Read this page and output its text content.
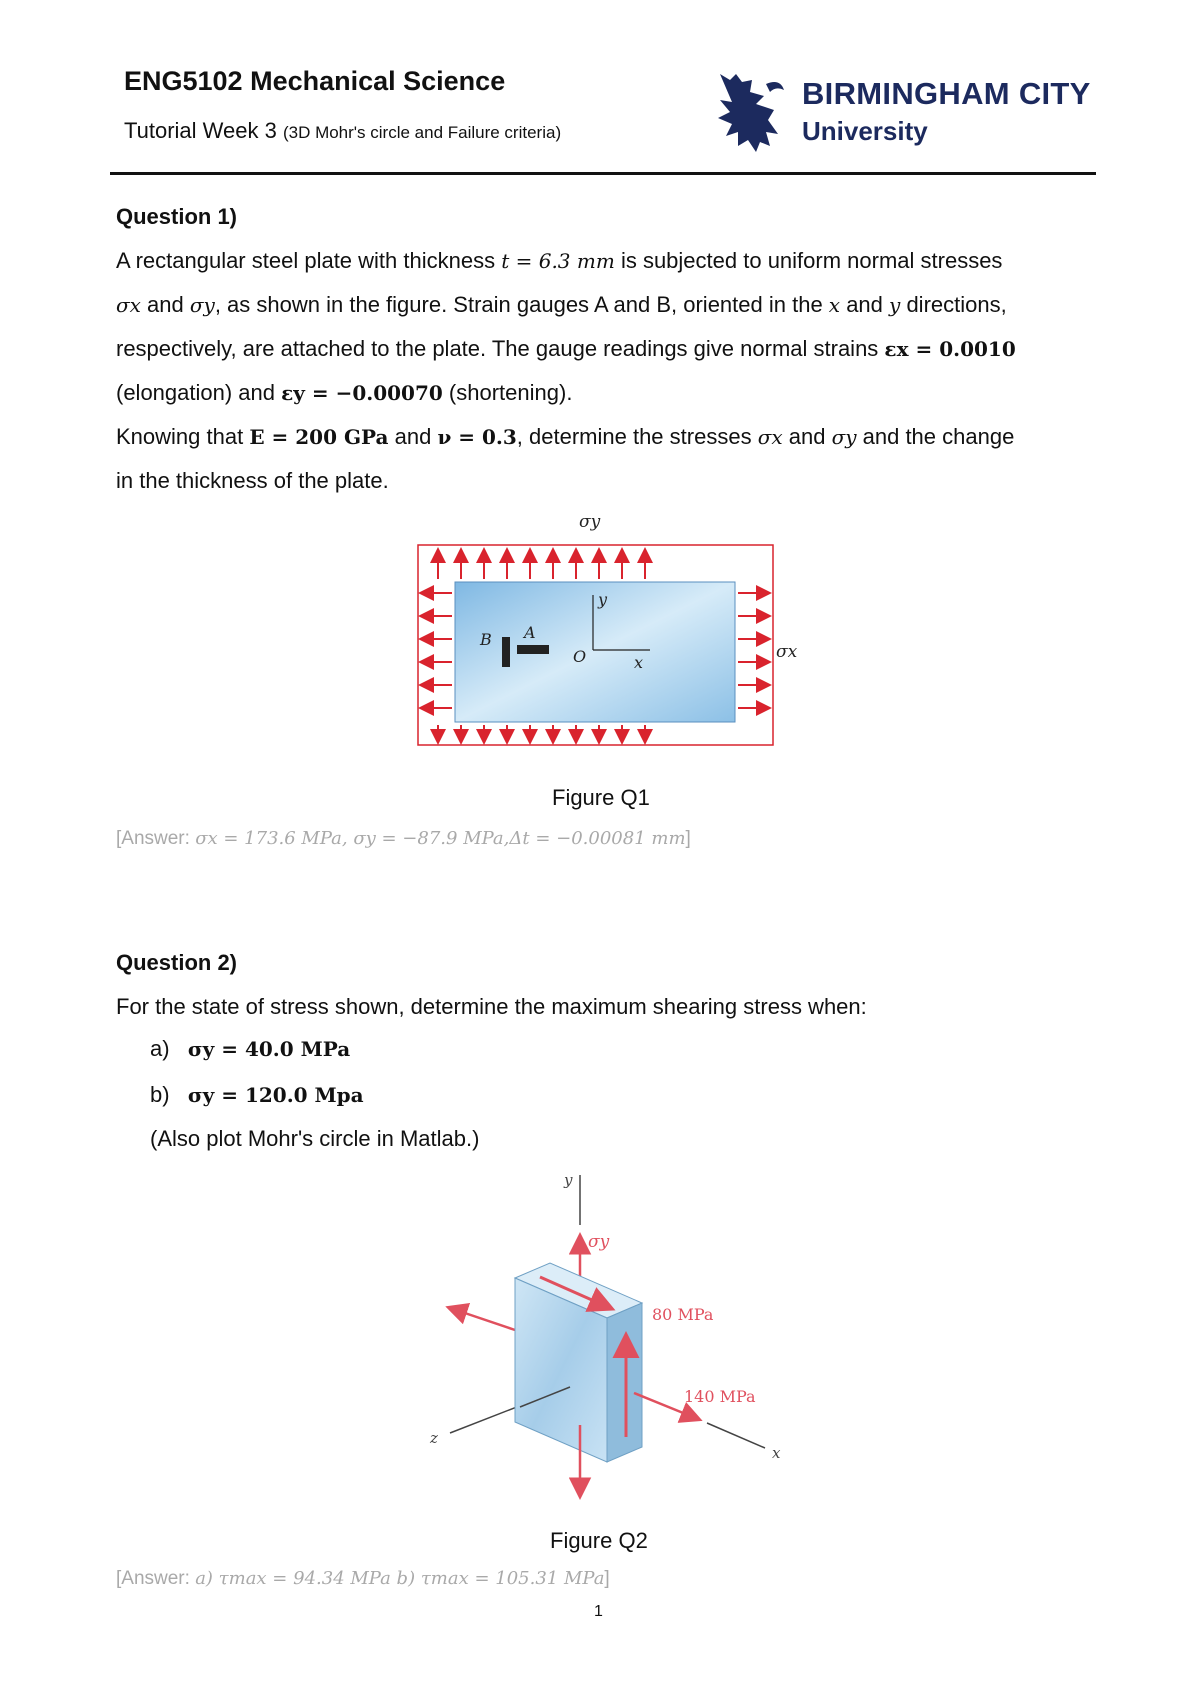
ENG5102 Mechanical Science
Tutorial Week 3 (3D Mohr's circle and Failure criteria)
BIRMINGHAM CITY
University
Question 1)
A rectangular steel plate with thickness t = 6.3 mm is subjected to uniform normal stresses
σx and σy, as shown in the figure. Strain gauges A and B, oriented in the x and y directions,
respectively, are attached to the plate. The gauge readings give normal strains εx = 0.0010
(elongation) and εy = −0.00070 (shortening).
Knowing that E = 200 GPa and ν = 0.3, determine the stresses σx and σy and the change
in the thickness of the plate.
σy
σx
B A
O	x
y
Figure Q1
[Answer: σx = 173.6 MPa, σy = −87.9 MPa,Δt = −0.00081 mm]
Question 2)
For the state of stress shown, determine the maximum shearing stress when:
a) σy = 40.0 MPa
b) σy = 120.0 Mpa
(Also plot Mohr's circle in Matlab.)
y
σy
z
80 MPa
140 MPa
x
Figure Q2
[Answer: a) τmax = 94.34 MPa b) τmax = 105.31 MPa]
1
